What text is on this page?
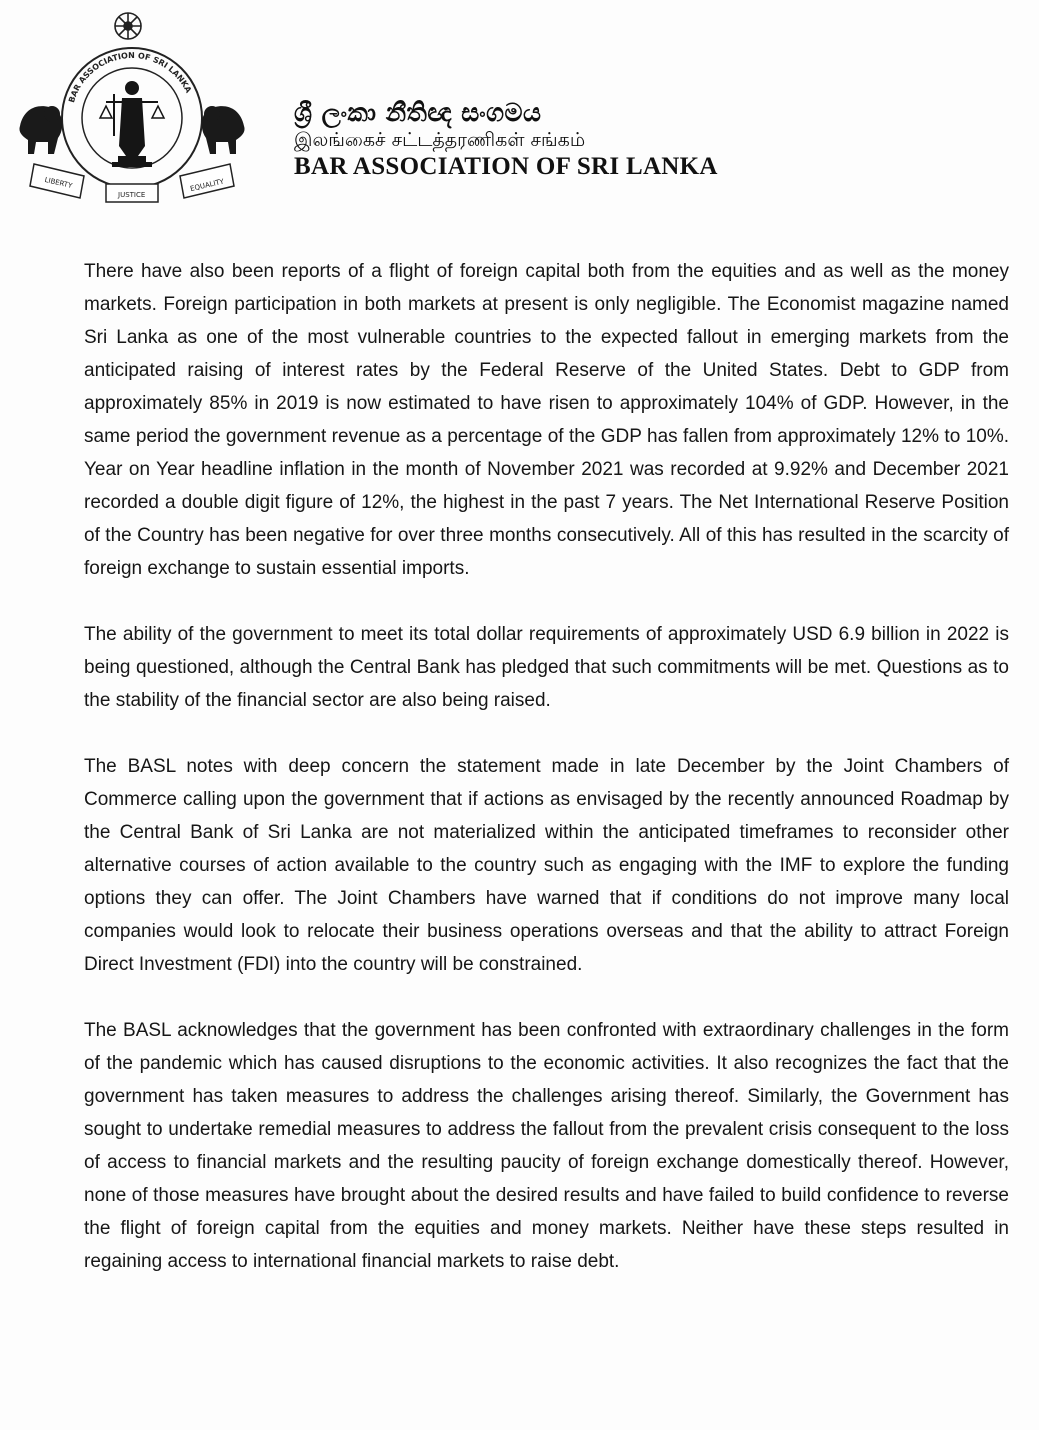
BAR ASSOCIATION OF SRI LANKA
LIBERTY
JUSTICE
EQUALITY
ශ්‍රී ලංකා නීතිඥ සංගමය
இலங்கைச் சட்டத்தரணிகள் சங்கம்
BAR ASSOCIATION OF SRI LANKA

There have also been reports of a flight of foreign capital both from the equities and as well as the money markets. Foreign participation in both markets at present is only negligible. The Economist magazine named Sri Lanka as one of the most vulnerable countries to the expected fallout in emerging markets from the anticipated raising of interest rates by the Federal Reserve of the United States. Debt to GDP from approximately 85% in 2019 is now estimated to have risen to approximately 104% of GDP. However, in the same period the government revenue as a percentage of the GDP has fallen from approximately 12% to 10%. Year on Year headline inflation in the month of November 2021 was recorded at 9.92% and December 2021 recorded a double digit figure of 12%, the highest in the past 7 years. The Net International Reserve Position of the Country has been negative for over three months consecutively. All of this has resulted in the scarcity of foreign exchange to sustain essential imports.

The ability of the government to meet its total dollar requirements of approximately USD 6.9 billion in 2022 is being questioned, although the Central Bank has pledged that such commitments will be met. Questions as to the stability of the financial sector are also being raised.

The BASL notes with deep concern the statement made in late December by the Joint Chambers of Commerce calling upon the government that if actions as envisaged by the recently announced Roadmap by the Central Bank of Sri Lanka are not materialized within the anticipated timeframes to reconsider other alternative courses of action available to the country such as engaging with the IMF to explore the funding options they can offer. The Joint Chambers have warned that if conditions do not improve many local companies would look to relocate their business operations overseas and that the ability to attract Foreign Direct Investment (FDI) into the country will be constrained.

The BASL acknowledges that the government has been confronted with extraordinary challenges in the form of the pandemic which has caused disruptions to the economic activities. It also recognizes the fact that the government has taken measures to address the challenges arising thereof. Similarly, the Government has sought to undertake remedial measures to address the fallout from the prevalent crisis consequent to the loss of access to financial markets and the resulting paucity of foreign exchange domestically thereof. However, none of those measures have brought about the desired results and have failed to build confidence to reverse the flight of foreign capital from the equities and money markets. Neither have these steps resulted in regaining access to international financial markets to raise debt.
